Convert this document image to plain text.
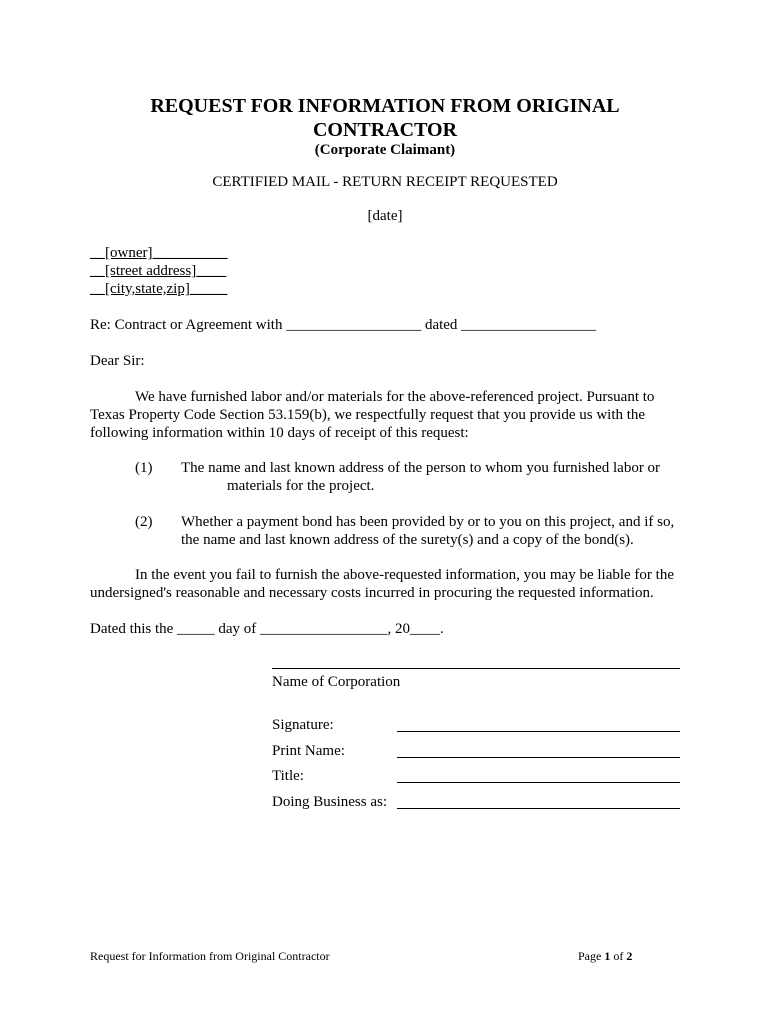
REQUEST FOR INFORMATION FROM ORIGINAL
CONTRACTOR
(Corporate Claimant)
CERTIFIED MAIL - RETURN RECEIPT REQUESTED
[date]
__[owner]__________
__[street address]____
__[city,state,zip]_____
Re: Contract or Agreement with __________________ dated __________________
Dear Sir:
We have furnished labor and/or materials for the above-referenced project. Pursuant to
Texas Property Code Section 53.159(b), we respectfully request that you provide us with the
following information within 10 days of receipt of this request:
(1) The name and last known address of the person to whom you furnished labor or
materials for the project.
(2) Whether a payment bond has been provided by or to you on this project, and if so,
the name and last known address of the surety(s) and a copy of the bond(s).
In the event you fail to furnish the above-requested information, you may be liable for the
undersigned's reasonable and necessary costs incurred in procuring the requested information.
Dated this the _____ day of _________________, 20____.
Name of Corporation
Signature:
Print Name:
Title:
Doing Business as:
Request for Information from Original Contractor	Page 1 of 2
